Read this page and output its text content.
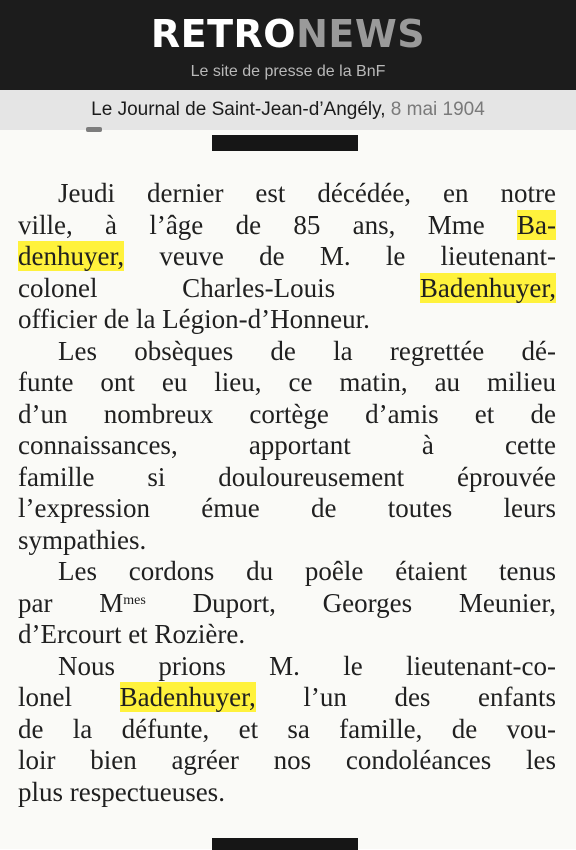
RETRONEWS
Le site de presse de la BnF
Le Journal de Saint-Jean-d’Angély, 8 mai 1904
Jeudi dernier est décédée, en notre
ville, à l’âge de 85 ans, Mme Ba-
denhuyer, veuve de M. le lieutenant-
colonel Charles-Louis	Badenhuyer,
officier de la Légion-d’Honneur.
Les obsèques de la regrettée dé-
funte ont eu lieu, ce matin, au milieu
d’un nombreux cortège d’amis et de
connaissances, apportant à cette
famille si douloureusement éprouvée
l’expression émue de toutes leurs
sympathies.
Les cordons du poêle étaient tenus
par $M^{mes}$ Duport, Georges Meunier,
d’Ercourt et Rozière.
Nous prions M. le lieutenant-co-
lonel Badenhuyer, l’un des enfants
de la défunte, et sa famille, de vou-
loir bien agréer nos condoléances les
plus respectueuses.
